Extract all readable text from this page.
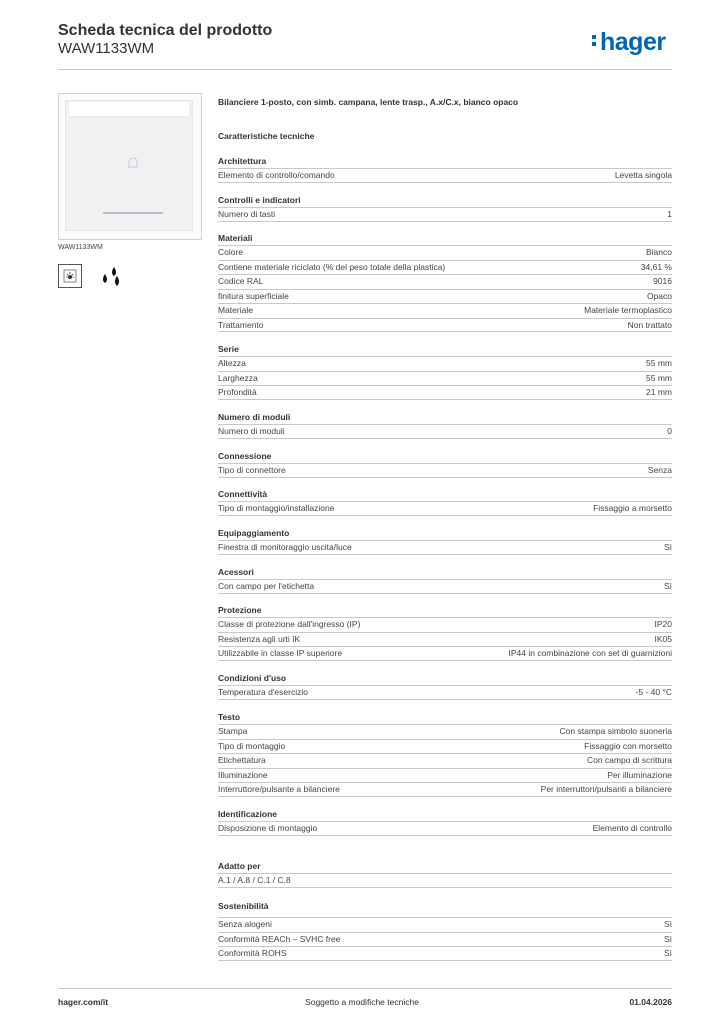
Scheda tecnica del prodotto
WAW1133WM	hager
WAW1133WM
Bilanciere 1-posto, con simb. campana, lente trasp., A.x/C.x, bianco opaco
Caratteristiche tecniche
Architettura
Elemento di controllo/comando	Levetta singola
Controlli e indicatori
Numero di tasti	1
Materiali
Colore	Bianco
Contiene materiale riciclato (% del peso totale della plastica)	34,61 %
Codice RAL	9016
finitura superficiale	Opaco
Materiale	Materiale termoplastico
Trattamento	Non trattato
Serie
Altezza	55 mm
Larghezza	55 mm
Profondità	21 mm
Numero di moduli
Numero di moduli	0
Connessione
Tipo di connettore	Senza
Connettività
Tipo di montaggio/installazione	Fissaggio a morsetto
Equipaggiamento
Finestra di monitoraggio uscita/luce	Sì
Acessori
Con campo per l'etichetta	Sì
Protezione
Classe di protezione dall'ingresso (IP)	IP20
Resistenza agli urti IK	IK05
Utilizzabile in classe IP superiore	IP44 in combinazione con set di guarnizioni
Condizioni d'uso
Temperatura d'esercizio	-5 - 40 °C
Testo
Stampa	Con stampa simbolo suoneria
Tipo di montaggio	Fissaggio con morsetto
Etichettatura	Con campo di scrittura
Illuminazione	Per illuminazione
Interruttore/pulsante a bilanciere	Per interruttori/pulsanti a bilanciere
Identificazione
Disposizione di montaggio	Elemento di controllo
Adatto per
A.1 / A.8 / C.1 / C.8
Sostenibilità
Senza alogeni	Sì
Conformità REACh – SVHC free	Sì
Conformità ROHS	Sì
hager.com/it	Soggetto a modifiche tecniche	01.04.2026
